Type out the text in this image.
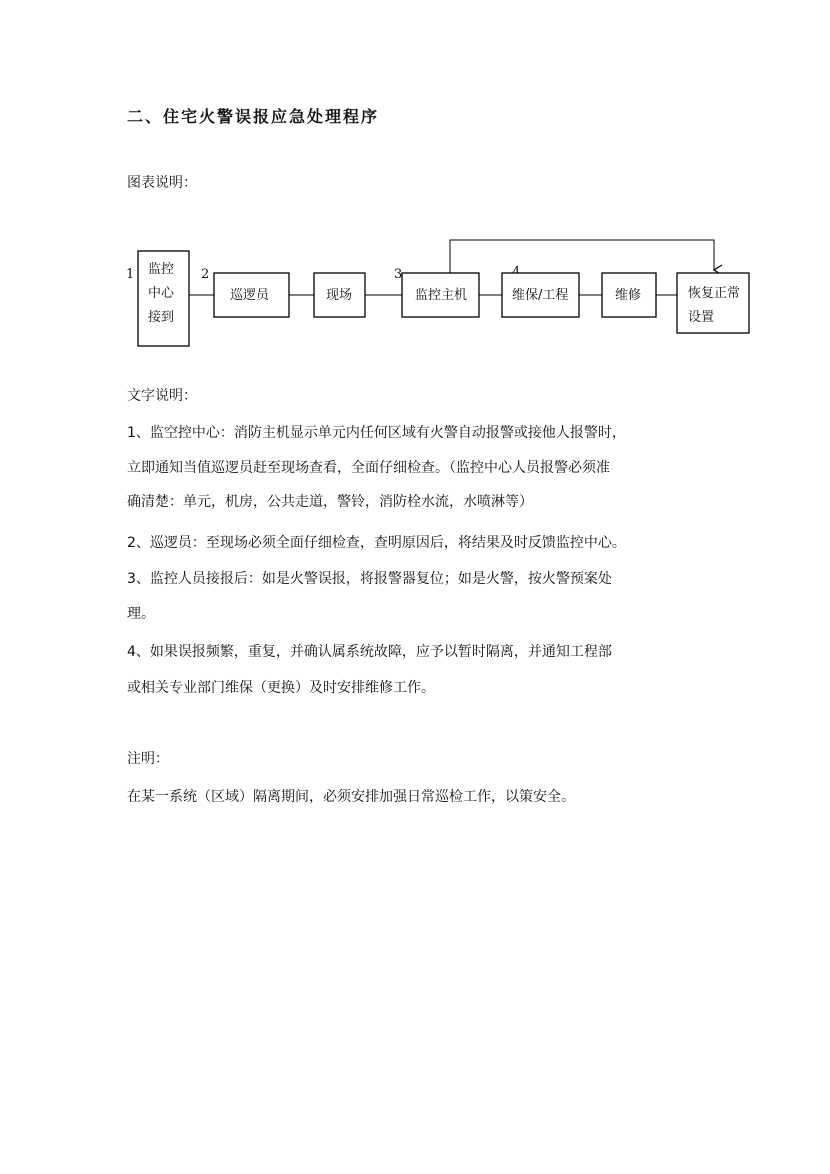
二、住宅火警误报应急处理程序

图表说明：

1	2	3
监控
中心
接到
巡逻员	现场	监控主机	维保/工程	维修	恢复正常
设置

文字说明：

1、监空控中心：消防主机显示单元内任何区域有火警自动报警或接他人报警时，

立即通知当值巡逻员赶至现场查看，全面仔细检查。（监控中心人员报警必须准

确清楚：单元，机房，公共走道，警铃，消防栓水流，水喷淋等）

2、巡逻员：至现场必须全面仔细检查，查明原因后，将结果及时反馈监控中心。

3、监控人员接报后：如是火警误报，将报警器复位；如是火警，按火警预案处

理。

4、如果误报频繁，重复，并确认属系统故障，应予以暂时隔离，并通知工程部

或相关专业部门维保（更换）及时安排维修工作。

注明：

在某一系统（区域）隔离期间，必须安排加强日常巡检工作，以策安全。
